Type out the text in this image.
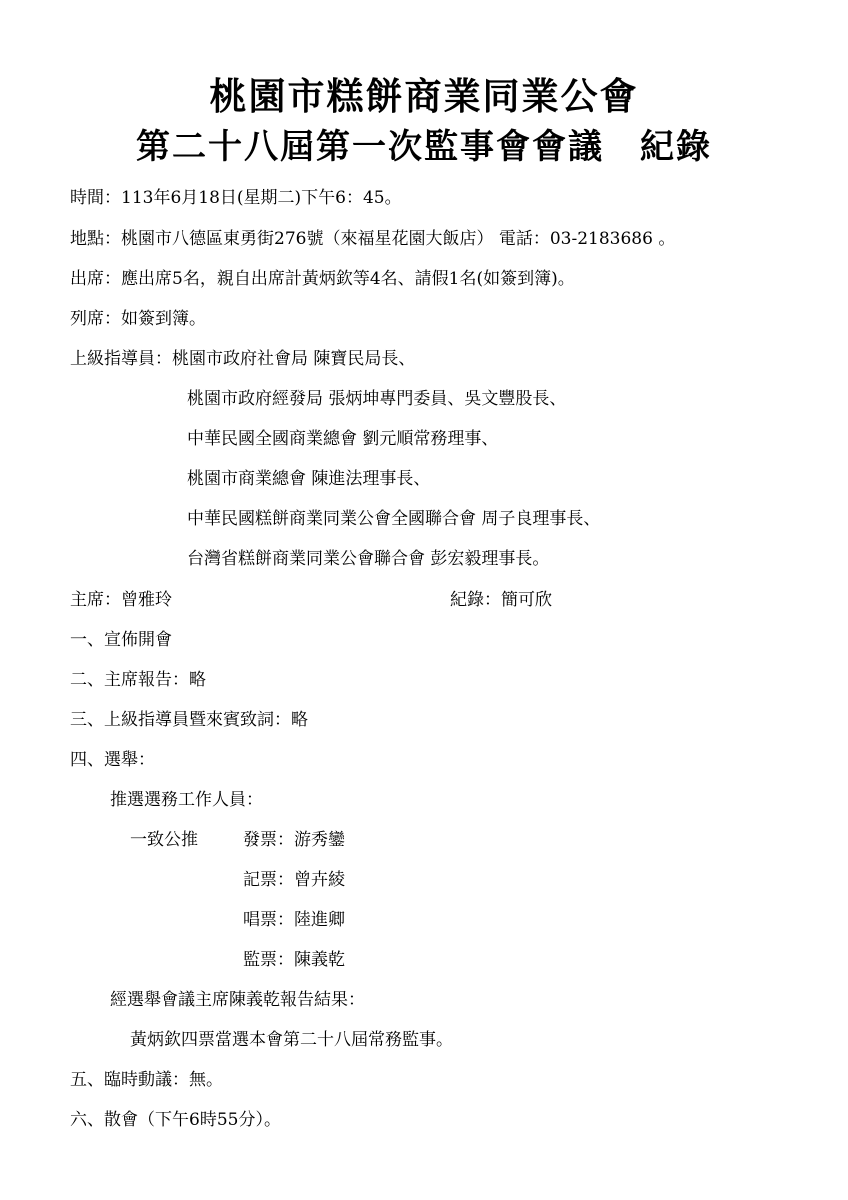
桃園市糕餅商業同業公會
第二十八屆第一次監事會會議　紀錄
時間：113年6月18日(星期二)下午6：45。
地點：桃園市八德區東勇街276號（來福星花園大飯店） 電話：03-2183686 。
出席：應出席5名，親自出席計黃炳欽等4名、請假1名(如簽到簿)。
列席：如簽到簿。
上級指導員：桃園市政府社會局 陳寶民局長、
桃園市政府經發局 張炳坤專門委員、吳文豐股長、
中華民國全國商業總會 劉元順常務理事、
桃園市商業總會 陳進法理事長、
中華民國糕餅商業同業公會全國聯合會 周子良理事長、
台灣省糕餅商業同業公會聯合會 彭宏毅理事長。
主席：曾雅玲	紀錄：簡可欣
一、宣佈開會
二、主席報告：略
三、上級指導員暨來賓致詞：略
四、選舉：
推選選務工作人員：
一致公推	發票：游秀鑾
記票：曾卉綾
唱票：陸進卿
監票：陳義乾
經選舉會議主席陳義乾報告結果：
黃炳欽四票當選本會第二十八屆常務監事。
五、臨時動議：無。
六、散會（下午6時55分）。
